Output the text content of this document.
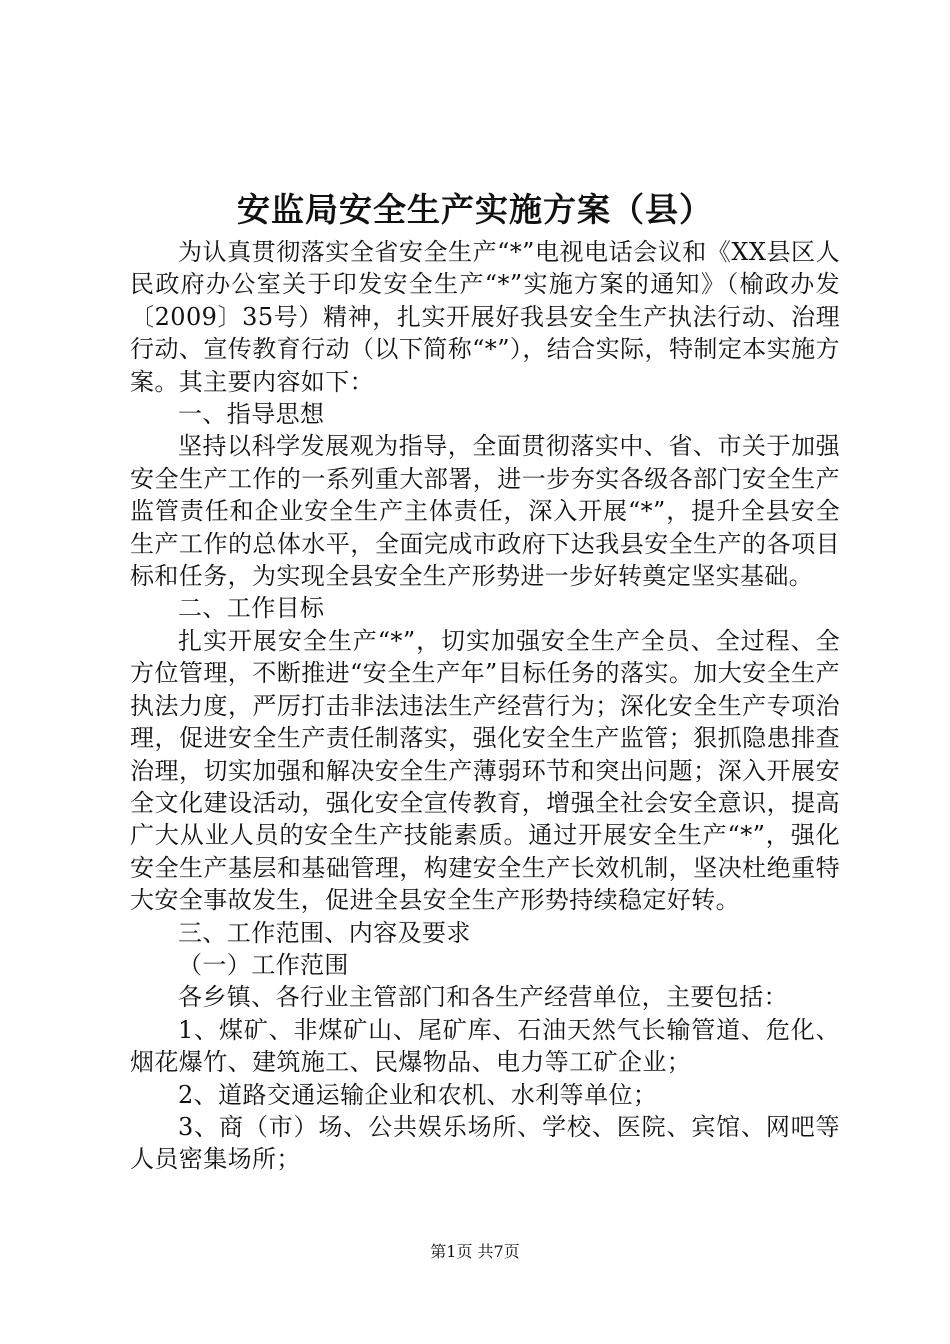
安监局安全生产实施方案（县）

为认真贯彻落实全省安全生产“*”电视电话会议和《XX县区人民政府办公室关于印发安全生产“*”实施方案的通知》（榆政办发〔2009〕35号）精神，扎实开展好我县安全生产执法行动、治理行动、宣传教育行动（以下简称“*”），结合实际，特制定本实施方案。其主要内容如下：

一、指导思想

坚持以科学发展观为指导，全面贯彻落实中、省、市关于加强安全生产工作的一系列重大部署，进一步夯实各级各部门安全生产监管责任和企业安全生产主体责任，深入开展“*”，提升全县安全生产工作的总体水平，全面完成市政府下达我县安全生产的各项目标和任务，为实现全县安全生产形势进一步好转奠定坚实基础。

二、工作目标

扎实开展安全生产“*”，切实加强安全生产全员、全过程、全方位管理，不断推进“安全生产年”目标任务的落实。加大安全生产执法力度，严厉打击非法违法生产经营行为；深化安全生产专项治理，促进安全生产责任制落实，强化安全生产监管；狠抓隐患排查治理，切实加强和解决安全生产薄弱环节和突出问题；深入开展安全文化建设活动，强化安全宣传教育，增强全社会安全意识，提高广大从业人员的安全生产技能素质。通过开展安全生产“*”，强化安全生产基层和基础管理，构建安全生产长效机制，坚决杜绝重特大安全事故发生，促进全县安全生产形势持续稳定好转。

三、工作范围、内容及要求

（一）工作范围

各乡镇、各行业主管部门和各生产经营单位，主要包括：

1、煤矿、非煤矿山、尾矿库、石油天然气长输管道、危化、烟花爆竹、建筑施工、民爆物品、电力等工矿企业；

2、道路交通运输企业和农机、水利等单位；

3、商（市）场、公共娱乐场所、学校、医院、宾馆、网吧等人员密集场所；

第1页 共7页
